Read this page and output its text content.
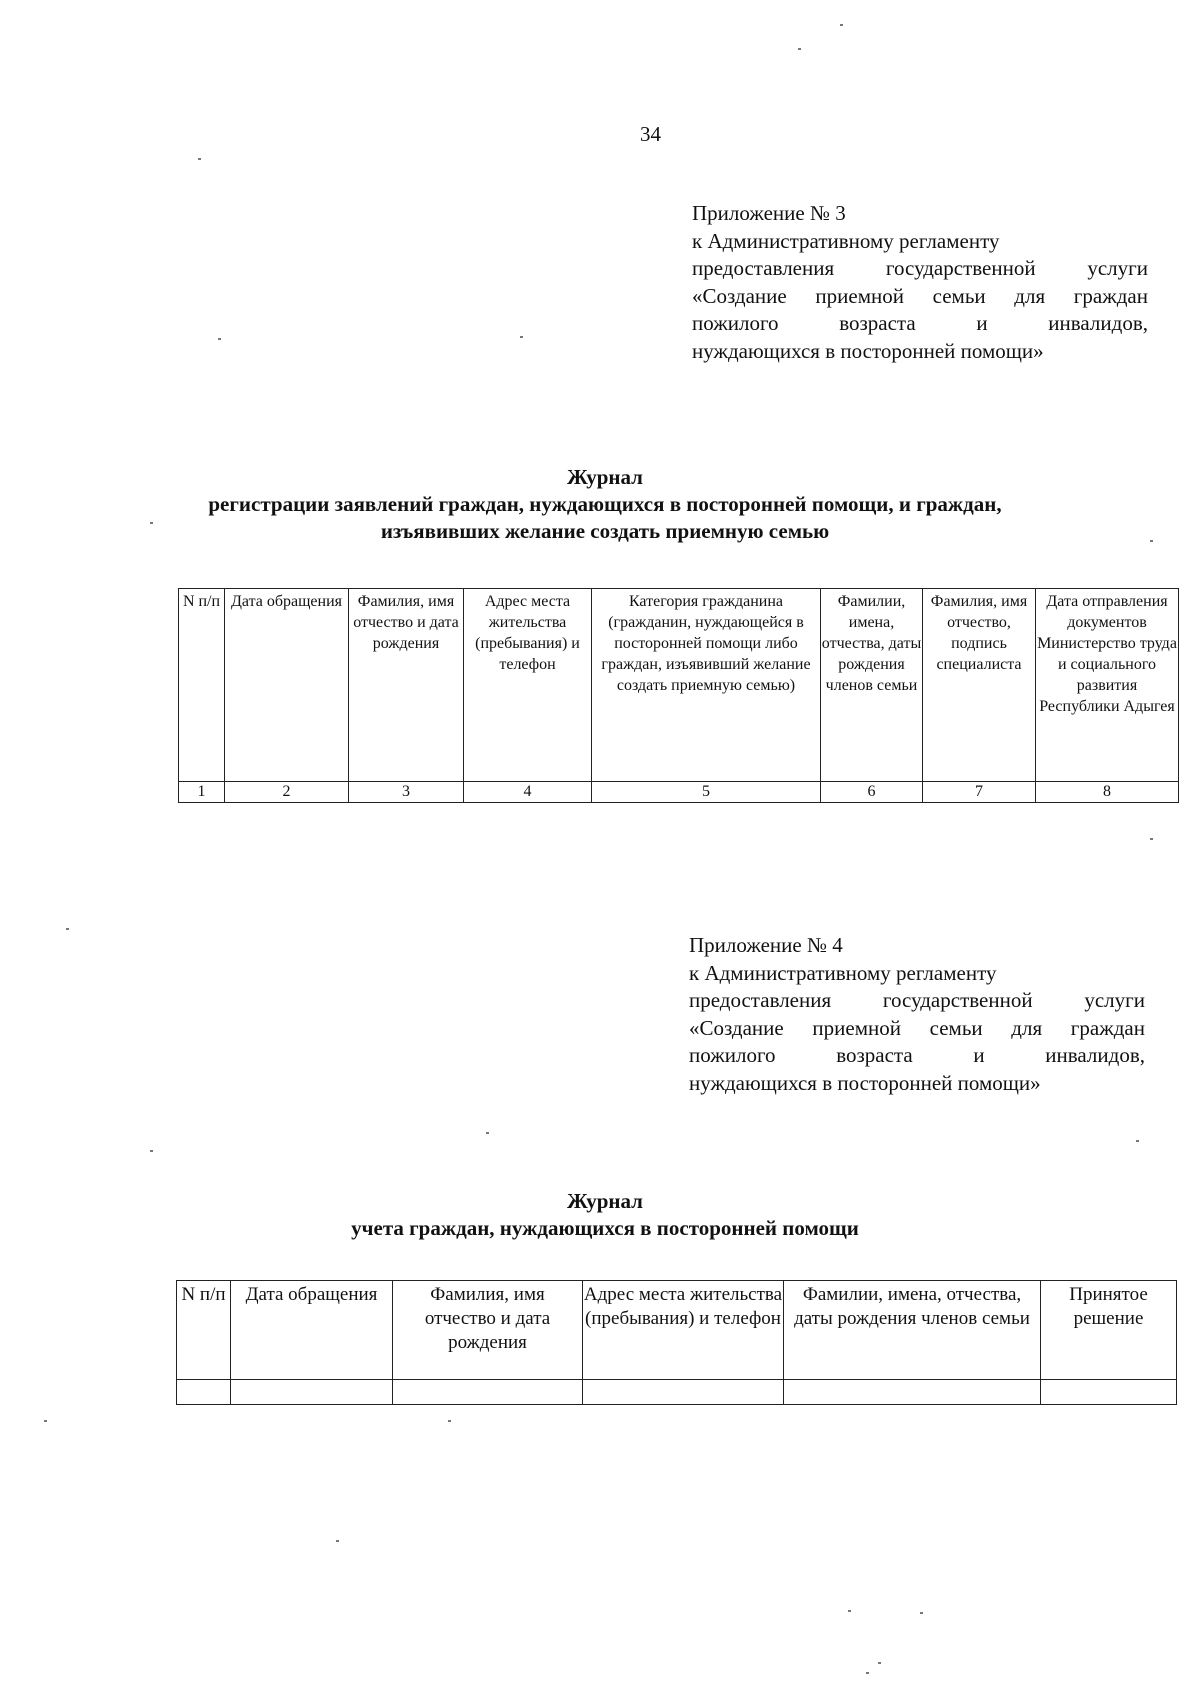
34
Приложение № 3
к Административному регламенту
предоставления государственной услуги
«Создание приемной семьи для граждан
пожилого возраста и инвалидов,
нуждающихся в посторонней помощи»
Журнал
регистрации заявлений граждан, нуждающихся в посторонней помощи, и граждан,
изъявивших желание создать приемную семью
N п/п	Дата обращения	Фамилия, имя отчество и дата рождения	Адрес места жительства (пребывания) и телефон	Категория гражданина (гражданин, нуждающейся в посторонней помощи либо граждан, изъявивший желание создать приемную семью)	Фамилии, имена, отчества, даты рождения членов семьи	Фамилия, имя отчество, подпись специалиста	Дата отправления документов Министерство труда и социального развития Республики Адыгея
1	2	3	4	5	6	7	8
Приложение № 4
к Административному регламенту
предоставления государственной услуги
«Создание приемной семьи для граждан
пожилого возраста и инвалидов,
нуждающихся в посторонней помощи»
Журнал
учета граждан, нуждающихся в посторонней помощи
N п/п	Дата обращения	Фамилия, имя отчество и дата рождения	Адрес места жительства (пребывания) и телефон	Фамилии, имена, отчества, даты рождения членов семьи	Принятое решение
